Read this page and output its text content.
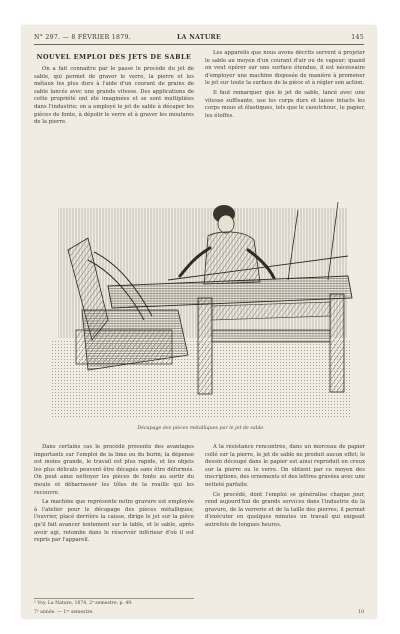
N° 297. — 8 FÉVRIER 1879.	LA NATURE	145
NOUVEL EMPLOI DES JETS DE SABLE

On a fait connaître par le passé le procédé du jet de sable, qui permet de graver le verre, la pierre et les métaux les plus durs à l'aide d'un courant de grains de sable lancés avec une grande vitesse. Des applications de cette propriété ont été imaginées et se sont multipliées dans l'industrie; on a employé le jet de sable à décaper les pièces de fonte, à dépolir le verre et à graver les moulures de la pierre.

Les appareils que nous avons décrits servent à projeter le sable au moyen d'un courant d'air ou de vapeur; quand on veut opérer sur une surface étendue, il est nécessaire d'employer une machine disposée de manière à promener le jet sur toute la surface de la pièce et à régler son action.

Il faut remarquer que le jet de sable, lancé avec une vitesse suffisante, use les corps durs et laisse intacts les corps mous et élastiques, tels que le caoutchouc, le papier, les étoffes.

Décapage des pièces métalliques par le jet de sable.

Dans certains cas le procédé présente des avantages importants sur l'emploi de la lime ou du burin; la dépense est moins grande, le travail est plus rapide, et les objets les plus délicats peuvent être décapés sans être déformés. On peut ainsi nettoyer les pièces de fonte au sortir du moule et débarrasser les tôles de la rouille qui les recouvre.

La machine que représente notre gravure est employée à l'atelier pour le décapage des pièces métalliques; l'ouvrier, placé derrière la caisse, dirige le jet sur la pièce qu'il fait avancer lentement sur la table, et le sable, après avoir agi, retombe dans le réservoir inférieur d'où il est repris par l'appareil.

A la résistance rencontrée, dans un morceau de papier collé sur la pierre, le jet de sable ne produit aucun effet; le dessin découpé dans le papier est ainsi reproduit en creux sur la pierre ou le verre. On obtient par ce moyen des inscriptions, des ornements et des lettres gravées avec une netteté parfaite.

Ce procédé, dont l'emploi se généralise chaque jour, rend aujourd'hui de grands services dans l'industrie de la gravure, de la verrerie et de la taille des pierres; il permet d'exécuter en quelques minutes un travail qui exigeait autrefois de longues heures.

¹ Voy. La Nature, 1874, 2ᵉ semestre, p. 49.
7ᵉ année. — 1ᵉʳ semestre.	10
